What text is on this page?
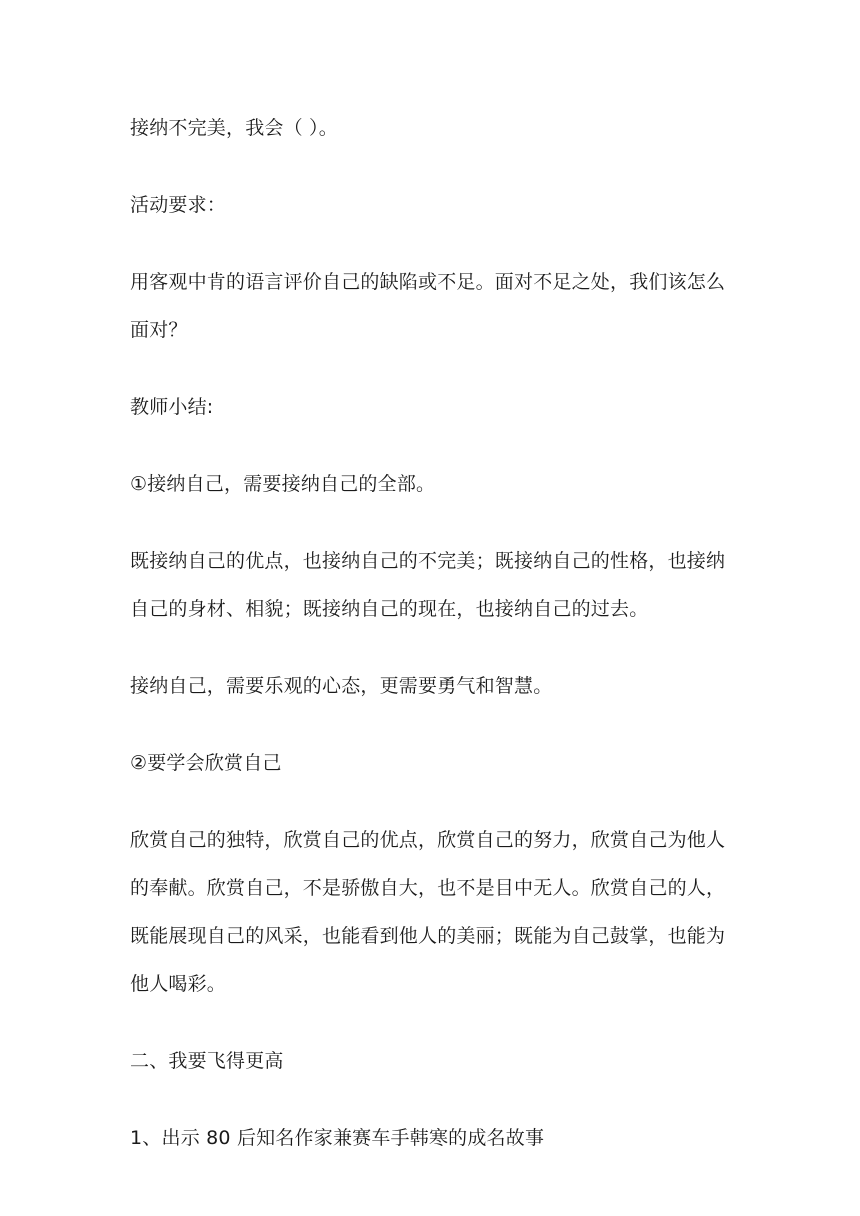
接纳不完美，我会（ ）。

活动要求：

用客观中肯的语言评价自己的缺陷或不足。面对不足之处，我们该怎么面对？

教师小结:

①接纳自己，需要接纳自己的全部。

既接纳自己的优点，也接纳自己的不完美；既接纳自己的性格，也接纳自己的身材、相貌；既接纳自己的现在，也接纳自己的过去。

接纳自己，需要乐观的心态，更需要勇气和智慧。

②要学会欣赏自己

欣赏自己的独特，欣赏自己的优点，欣赏自己的努力，欣赏自己为他人的奉献。欣赏自己，不是骄傲自大，也不是目中无人。欣赏自己的人，既能展现自己的风采，也能看到他人的美丽；既能为自己鼓掌，也能为他人喝彩。

二、我要飞得更高

1、出示 80 后知名作家兼赛车手韩寒的成名故事
